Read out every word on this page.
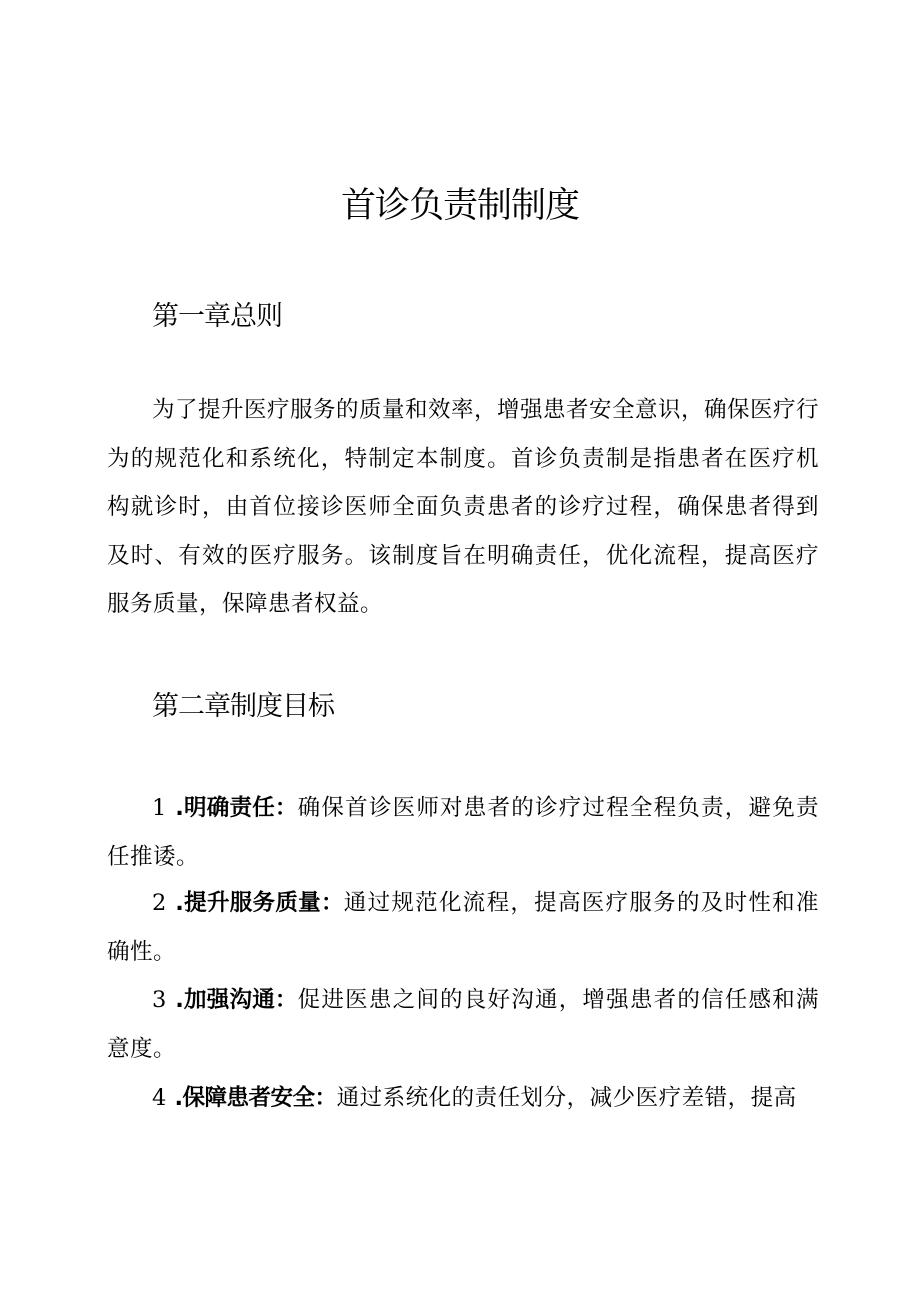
首诊负责制制度
第一章总则

为了提升医疗服务的质量和效率，增强患者安全意识，确保医疗行为的规范化和系统化，特制定本制度。首诊负责制是指患者在医疗机构就诊时，由首位接诊医师全面负责患者的诊疗过程，确保患者得到及时、有效的医疗服务。该制度旨在明确责任，优化流程，提高医疗服务质量，保障患者权益。

第二章制度目标

1 .明确责任：确保首诊医师对患者的诊疗过程全程负责，避免责任推诿。

2 .提升服务质量：通过规范化流程，提高医疗服务的及时性和准确性。

3 .加强沟通：促进医患之间的良好沟通，增强患者的信任感和满意度。

4 .保障患者安全：通过系统化的责任划分，减少医疗差错，提高
